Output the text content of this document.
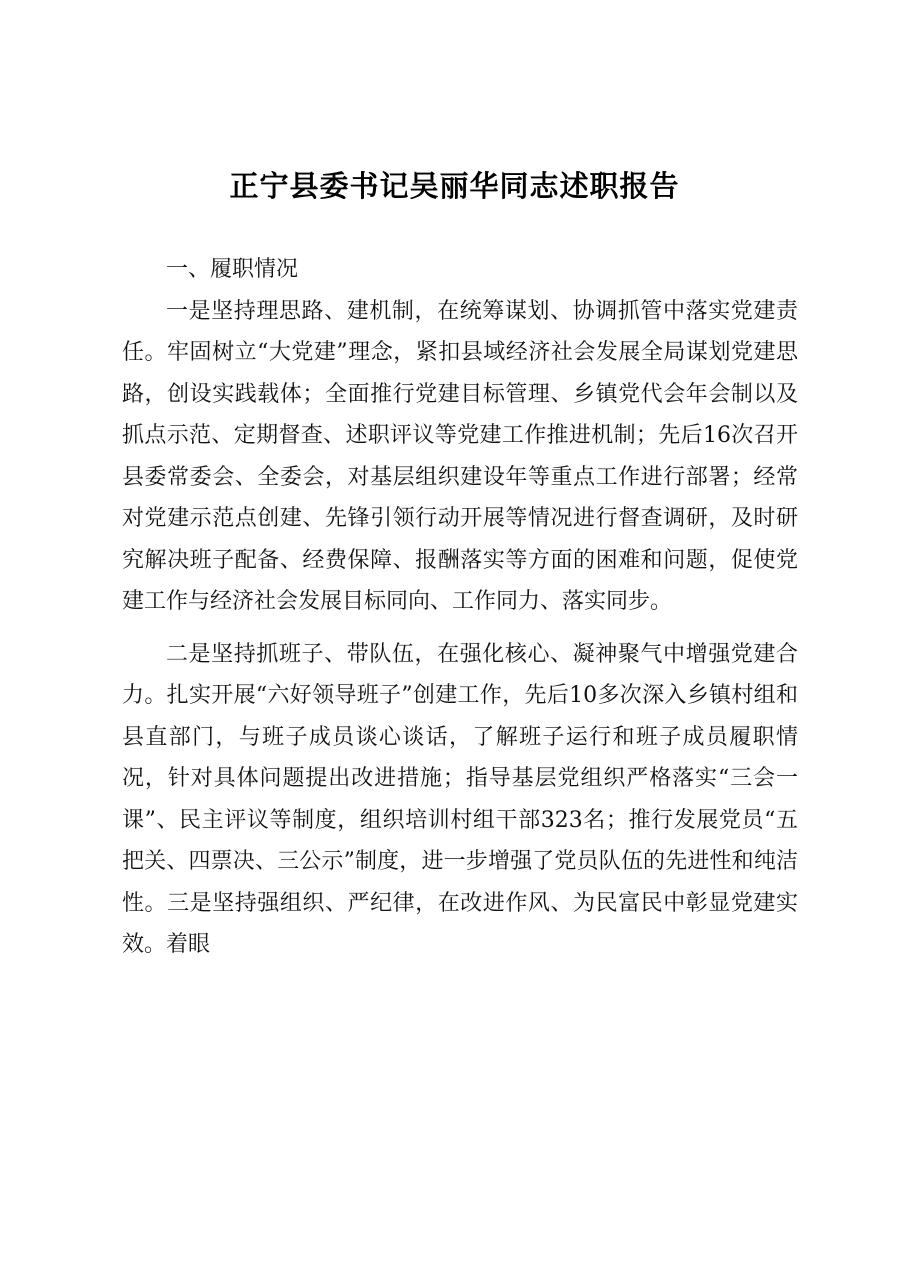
正宁县委书记吴丽华同志述职报告

一、履职情况

一是坚持理思路、建机制，在统筹谋划、协调抓管中落实党建责任。牢固树立“大党建”理念，紧扣县域经济社会发展全局谋划党建思路，创设实践载体；全面推行党建目标管理、乡镇党代会年会制以及抓点示范、定期督查、述职评议等党建工作推进机制；先后16次召开县委常委会、全委会，对基层组织建设年等重点工作进行部署；经常对党建示范点创建、先锋引领行动开展等情况进行督查调研，及时研究解决班子配备、经费保障、报酬落实等方面的困难和问题，促使党建工作与经济社会发展目标同向、工作同力、落实同步。

二是坚持抓班子、带队伍，在强化核心、凝神聚气中增强党建合力。扎实开展“六好领导班子”创建工作，先后10多次深入乡镇村组和县直部门，与班子成员谈心谈话，了解班子运行和班子成员履职情况，针对具体问题提出改进措施；指导基层党组织严格落实“三会一课”、民主评议等制度，组织培训村组干部323名；推行发展党员“五把关、四票决、三公示”制度，进一步增强了党员队伍的先进性和纯洁性。三是坚持强组织、严纪律，在改进作风、为民富民中彰显党建实效。着眼
